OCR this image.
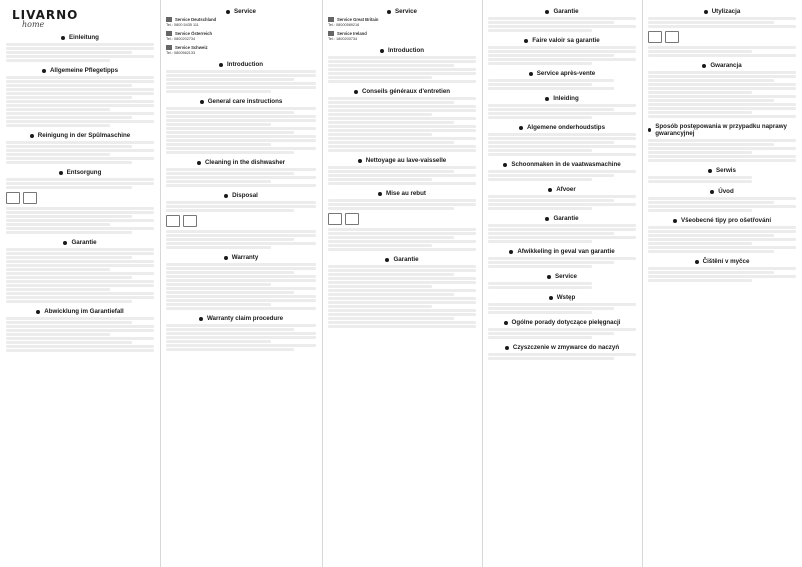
LIVARNO
home
Einleitung
Allgemeine Pflegetipps
Reinigung in der Spülmaschine
Entsorgung
Garantie
Abwicklung im Garantiefall
Service
Service Deutschland
Tel.: 0800 5435 111
Service Österreich
Tel.: 0800202734
Service Schweiz
Tel.: 0800562133
Introduction
General care instructions
Cleaning in the dishwasher
Disposal
Warranty
Warranty claim procedure
Service
Service Great Britain
Tel.: 08000569216
Service Ireland
Tel.: 1800200734
Introduction
Conseils généraux d'entretien
Nettoyage au lave-vaisselle
Mise au rebut
Garantie
Garantie
Faire valoir sa garantie
Service après-vente
Inleiding
Algemene onderhoudstips
Schoonmaken in de vaatwasmachine
Afvoer
Garantie
Afwikkeling in geval van garantie
Service
Wstęp
Ogólne porady dotyczące pielęgnacji
Czyszczenie w zmywarce do naczyń
Utylizacja
Gwarancja
Sposób postępowania w przypadku naprawy gwarancyjnej
Serwis
Úvod
Všeobecné tipy pro ošetřování
Čištění v myčce
